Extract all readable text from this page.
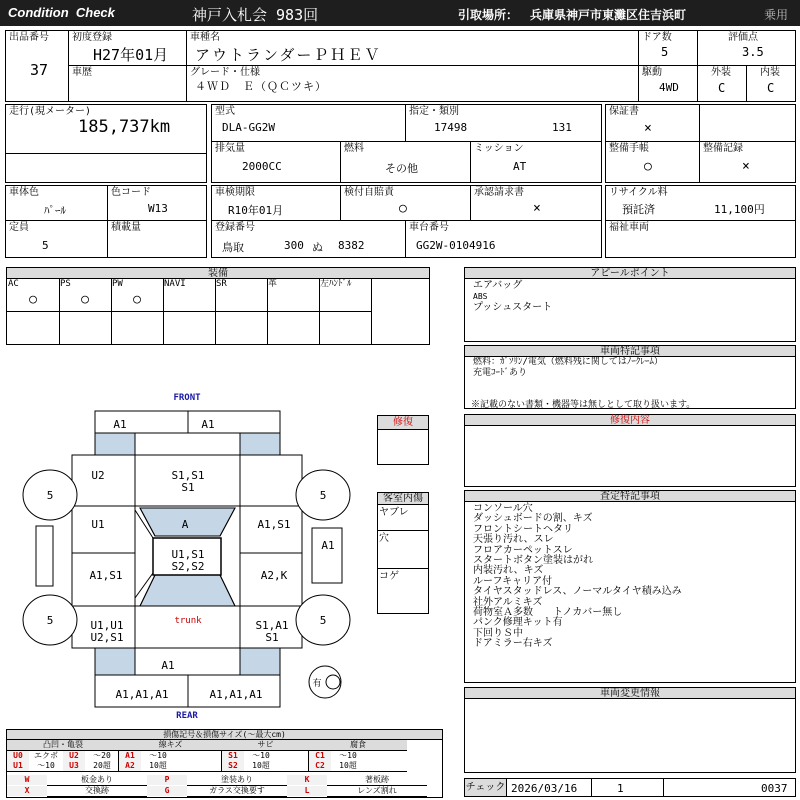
Condition  Check	神戸入札会 983回	引取場所： 兵庫県神戸市東灘区住吉浜町	乗用
出品番号
37
初度登録
H27年01月
車歴
車種名
アウトランダーＰＨＥＶ
グレード・仕様
４ＷＤ　Ｅ（ＱＣツキ）
ドア数
5
駆動
4WD
評価点
3.5
外装
C
内装
C
走行(現メーター)
185,737km
型式
DLA-GG2W
指定・類別
17498	131
排気量
2000CC
燃料
その他
ミッション
AT
保証書
×
整備手帳
○
整備記録
×
車体色
ﾊﾟｰﾙ
色コード
W13
定員
5
積載量
車検期限
R10年01月
検付自賠責
○
承認請求書
×
登録番号
鳥取	300 ぬ 8382
車台番号
GG2W-0104916
リサイクル料
預託済	11,100円
福祉車両
装備
AC
○
PS
○
PW
○
NAVI	SR	革	左ﾊﾝﾄﾞﾙ
FRONT
REAR
trunk
5	5
5	5
有
A1	A1
U2	S1,S1
S1
U1	A	A1,S1
U1,S1
S2,S2
A1
A1,S1	A2,K
U1,U1
U2,S1
S1,A1
S1
A1
A1,A1,A1	A1,A1,A1
修復
客室内傷
ヤブレ
穴
コゲ
アピールポイント
エアバッグ
ABS
プッシュスタート
車両特記事項
燃料：ｶﾞｿﾘﾝ/電気（燃料残に関してはﾉｰｸﾚｰﾑ）
充電ｺｰﾄﾞあり
※記載のない書類・機器等は無しとして取り扱います。
修復内容
査定特記事項
コンソール穴
ダッシュボードの割、キズ
フロントシートヘタリ
天張り汚れ、スレ
フロアカーペットスレ
スタートボタン塗装はがれ
内装汚れ、キズ
ルーフキャリア付
タイヤスタッドレス、ノーマルタイヤ積み込み
社外アルミキズ
荷物室Ａ多数　　トノカバー無し
パンク修理キット有
下回りＳ中
ドアミラー右キズ
車両変更情報
チェック 2026/03/16	1	0037
損傷記号＆損傷サイズ(〜最大cm)
凸凹・亀裂
U0	エクボ	U2	〜20
U1	〜10	U3	20超
線キズ
A1	〜10
A2	10超
サビ
S1	〜10
S2	10超
腐食
C1	〜10
C2	10超
W	板金あり	P	塗装あり	K	著板跡
X	交換跡	G	ガラス交換要す	L	レンズ割れ
